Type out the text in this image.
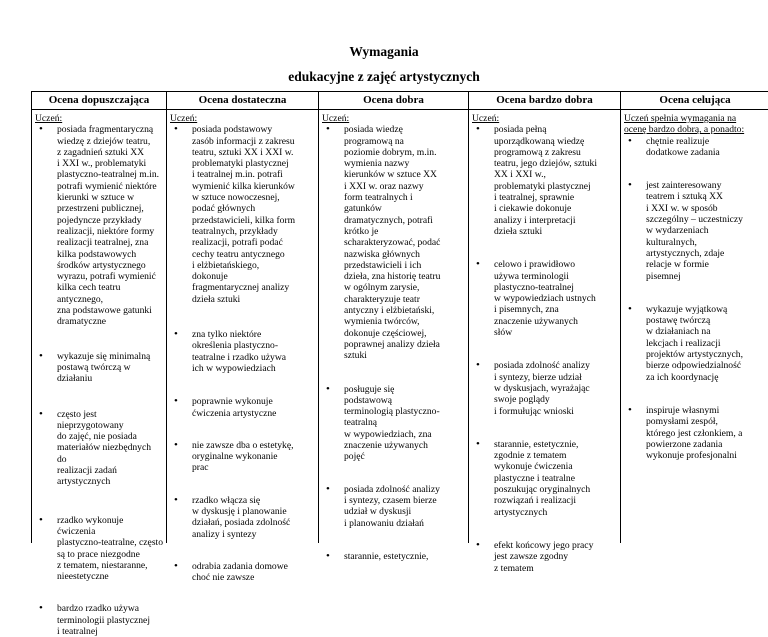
Wymagania
edukacyjne z zajęć artystycznych
Ocena dopuszczająca
Uczeń:
• posiada fragmentaryczną
wiedzę z dziejów teatru,
z zagadnień sztuki XX
i XXI w., problematyki
plastyczno-teatralnej m.in.
potrafi wymienić niektóre
kierunki w sztuce w
przestrzeni publicznej,
pojedyncze przykłady
realizacji, niektóre formy
realizacji teatralnej, zna
kilka podstawowych
środków artystycznego
wyrazu, potrafi wymienić
kilka cech teatru antycznego,
zna podstawowe gatunki
dramatyczne
• wykazuje się minimalną
postawą twórczą w działaniu
• często jest nieprzygotowany
do zajęć, nie posiada
materiałów niezbędnych do
realizacji zadań
artystycznych
• rzadko wykonuje ćwiczenia
plastyczno-teatralne, często
są to prace niezgodne
z tematem, niestaranne,
nieestetyczne
• bardzo rzadko używa
terminologii plastycznej
i teatralnej
Ocena dostateczna
Uczeń:
• posiada podstawowy
zasób informacji z zakresu
teatru, sztuki XX i XXI w.
problematyki plastycznej
i teatralnej m.in. potrafi
wymienić kilka kierunków
w sztuce nowoczesnej,
podać głównych
przedstawicieli, kilka form
teatralnych, przykłady
realizacji, potrafi podać
cechy teatru antycznego
i elżbietańskiego,
dokonuje
fragmentarycznej analizy
dzieła sztuki
• zna tylko niektóre
określenia plastyczno-
teatralne i rzadko używa
ich w wypowiedziach
• poprawnie wykonuje
ćwiczenia artystyczne
• nie zawsze dba o estetykę,
oryginalne wykonanie
prac
• rzadko włącza się
w dyskusję i planowanie
działań, posiada zdolność
analizy i syntezy
• odrabia zadania domowe
choć nie zawsze
Ocena dobra
Uczeń:
• posiada wiedzę
programową na
poziomie dobrym, m.in.
wymienia nazwy
kierunków w sztuce XX
i XXI w. oraz nazwy
form teatralnych i
gatunków
dramatycznych, potrafi
krótko je
scharakteryzować, podać
nazwiska głównych
przedstawicieli i ich
dzieła, zna historię teatru
w ogólnym zarysie,
charakteryzuje teatr
antyczny i elżbietański,
wymienia twórców,
dokonuje częściowej,
poprawnej analizy dzieła
sztuki
• posługuje się
podstawową
terminologią plastyczno-
teatralną
w wypowiedziach, zna
znaczenie używanych
pojęć
• posiada zdolność analizy
i syntezy, czasem bierze
udział w dyskusji
i planowaniu działań
• starannie, estetycznie,
Ocena bardzo dobra
Uczeń:
• posiada pełną
uporządkowaną wiedzę
programową z zakresu
teatru, jego dziejów, sztuki
XX i XXI w.,
problematyki plastycznej
i teatralnej, sprawnie
i ciekawie dokonuje
analizy i interpretacji
dzieła sztuki
• celowo i prawidłowo
używa terminologii
plastyczno-teatralnej
w wypowiedziach ustnych
i pisemnych, zna
znaczenie używanych
słów
• posiada zdolność analizy
i syntezy, bierze udział
w dyskusjach, wyrażając
swoje poglądy
i formułując wnioski
• starannie, estetycznie,
zgodnie z tematem
wykonuje ćwiczenia
plastyczne i teatralne
poszukując oryginalnych
rozwiązań i realizacji
artystycznych
• efekt końcowy jego pracy
jest zawsze zgodny
z tematem
Ocena celująca
Uczeń spełnia wymagania na
ocenę bardzo dobrą, a ponadto:
• chętnie realizuje
dodatkowe zadania
• jest zainteresowany
teatrem i sztuką XX
i XXI w. w sposób
szczególny – uczestniczy
w wydarzeniach
kulturalnych,
artystycznych, zdaje
relacje w formie
pisemnej
• wykazuje wyjątkową
postawę twórczą
w działaniach na
lekcjach i realizacji
projektów artystycznych,
bierze odpowiedzialność
za ich koordynację
• inspiruje własnymi
pomysłami zespół,
którego jest członkiem, a
powierzone zadania
wykonuje profesjonalni
